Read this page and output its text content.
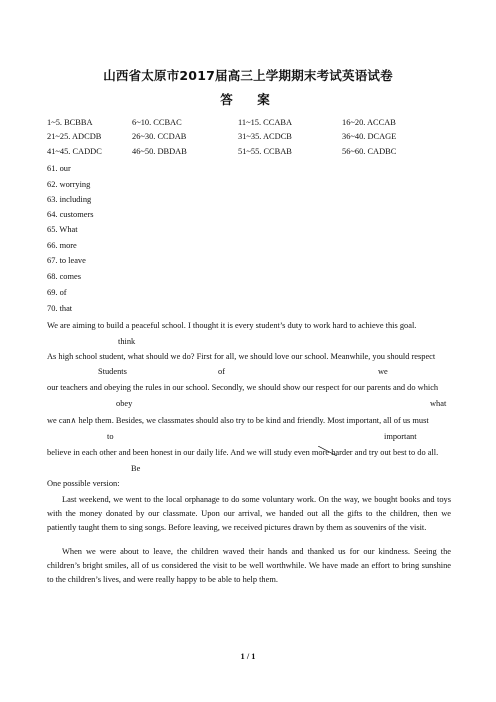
山西省太原市2017届高三上学期期末考试英语试卷
答　案
1~5. BCBBA	6~10. CCBAC	11~15. CCABA	16~20. ACCAB
21~25. ADCDB	26~30. CCDAB	31~35. ACDCB	36~40. DCAGE
41~45. CADDC	46~50. DBDAB	51~55. CCBAB	56~60. CADBC
61. our
62. worrying
63. including
64. customers
65. What
66. more
67. to leave
68. comes
69. of
70. that
We are aiming to build a peaceful school. I thought it is every student’s duty to work hard to achieve this goal.
think
As high school student, what should we do? First for all, we should love our school. Meanwhile, you should respect
Students	of	we
our teachers and obeying the rules in our school. Secondly, we should show our respect for our parents and do which
obey	what
we can∧ help them. Besides, we classmates should also try to be kind and friendly. Most important, all of us must
to	important
believe in each other and been honest in our daily life. And we will study even more harder and try out best to do all.
Be
One possible version:
Last weekend, we went to the local orphanage to do some voluntary work. On the way, we bought books and toys with the money donated by our classmate. Upon our arrival, we handed out all the gifts to the children, then we patiently taught them to sing songs. Before leaving, we received pictures drawn by them as souvenirs of the visit.
When we were about to leave, the children waved their hands and thanked us for our kindness. Seeing the children’s bright smiles, all of us considered the visit to be well worthwhile. We have made an effort to bring sunshine to the children’s lives, and were really happy to be able to help them.
1 / 1
